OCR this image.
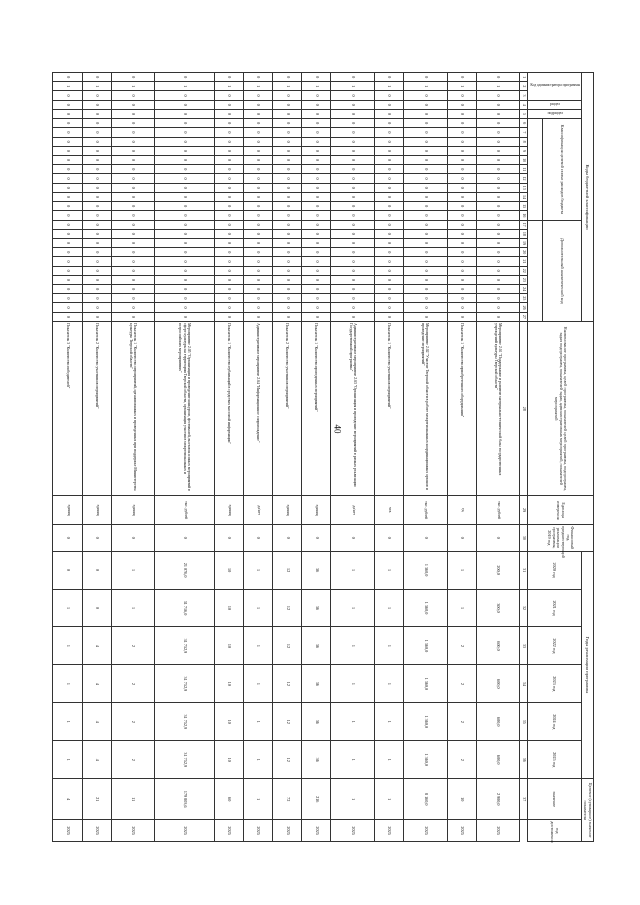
40
Коды бюджетной классификации																											Наименование программы, целей программы, показателей целей программы, подпрограмм, задач подпрограмм, показателей задач, административных мероприятий, показателей мероприятий	Единица измерения	Финансовый год, предшествующий реализации программы, 2019 год	Годы реализации программы						Целевое (суммарное) значение показателя	
Код администратора программы			раздел	подраздел	Классификация целевой статьи расходов бюджета											Дополнительный аналитический код														2020 год	2021 год	2022 год	2023 год	2024 год	2025 год	значение	год достижения

1	2	3	4	5	6	7	8	9	10	11	12	13	14	15	16	17	18	19	20	21	22	23	24	25	26	27	28	29	30	31	32	33	34	35	36	37	
0	1	0	0	0	0	0	0	0	0	0	0	0	0	0	0	0	0	0	0	0	0	0	0	0	0	0	Мероприятие 2.01 "Поддержание и развитие материально-технической базы государственных учреждений культуры Тверской области"	тыс. рублей	0	200,0	300,0	600,0	600,0	600,0	600,0	2 900,0	2025
0	1	0	0	0	0	0	0	0	0	0	0	0	0	0	0	0	0	0	0	0	0	0	0	0	0	0	Показатель 1 "Количество приобретенного оборудования"	ед.	0	1	1	2	2	2	2	10	2025
0	1	0	0	0	0	0	0	0	0	0	0	0	0	0	0	0	0	0	0	0	0	0	0	0	0	0	Мероприятие 2.02 "Участие Тверской области в работе межрегиональных координационных органов и проведение мероприятий"	тыс. рублей	0	1 360,0	1 360,0	1 360,0	1 360,0	1 360,0	1 360,0	8 160,0	2025
0	1	0	0	0	0	0	0	0	0	0	0	0	0	0	0	0	0	0	0	0	0	0	0	0	0	0	Показатель 1 "Количество участников мероприятий"	чел.	0	1	1	1	1	1	1	1	2025
0	1	0	0	0	0	0	0	0	0	0	0	0	0	0	0	0	0	0	0	0	0	0	0	0	0	0	Административное мероприятие 2.03 "Организация и проведение мероприятий в рамках реализации Государственной программы"	да/нет	0	1	1	1	1	1	1	1	2025
0	1	0	0	0	0	0	0	0	0	0	0	0	0	0	0	0	0	0	0	0	0	0	0	0	0	0	Показатель 1 "Количество проведенных мероприятий"	единиц	0	36	36	36	36	36	36	216	2025
0	1	0	0	0	0	0	0	0	0	0	0	0	0	0	0	0	0	0	0	0	0	0	0	0	0	0	Показатель 2 "Количество участников мероприятий"	единиц	0	12	12	12	12	12	12	72	2025
0	1	0	0	0	0	0	0	0	0	0	0	0	0	0	0	0	0	0	0	0	0	0	0	0	0	0	Административное мероприятие 2.04 "Информационное сопровождение"	да/нет	0	1	1	1	1	1	1	1	2025
0	1	0	0	0	0	0	0	0	0	0	0	0	0	0	0	0	0	0	0	0	0	0	0	0	0	0	Показатель 1 "Количество публикаций в средствах массовой информации"	единиц	0	10	10	10	10	10	10	60	2025
0	1	0	0	0	0	0	0	0	0	0	0	0	0	0	0	0	0	0	0	0	0	0	0	0	0	0	Мероприятие 2.05 "Организация и проведение конкурсов, фестивалей, выставок и иных мероприятий в сфере культуры на территории Тверской области, организация участия в межрегиональных и всероссийских мероприятиях"	тыс. рублей	0	21 076,0	31 716,0	31 752,9	31 752,9	31 752,9	31 752,9	179 803,6	2025
0	1	0	0	0	0	0	0	0	0	0	0	0	0	0	0	0	0	0	0	0	0	0	0	0	0	0	Показатель 1 "Количество мероприятий, организованных и проведенных при поддержке Министерства культуры Тверской области"	единиц	0	1	1	2	2	2	2	11	2025
0	1	0	0	0	0	0	0	0	0	0	0	0	0	0	0	0	0	0	0	0	0	0	0	0	0	0	Показатель 2 "Количество участников мероприятий"	единиц	0	0	0	4	4	4	4	21	2025
0	1	0	0	0	0	0	0	0	0	0	0	0	0	0	0	0	0	0	0	0	0	0	0	0	0	0	Показатель 3 "Количество победителей"	единиц	0	0	1	1	1	1	1	4	2025
